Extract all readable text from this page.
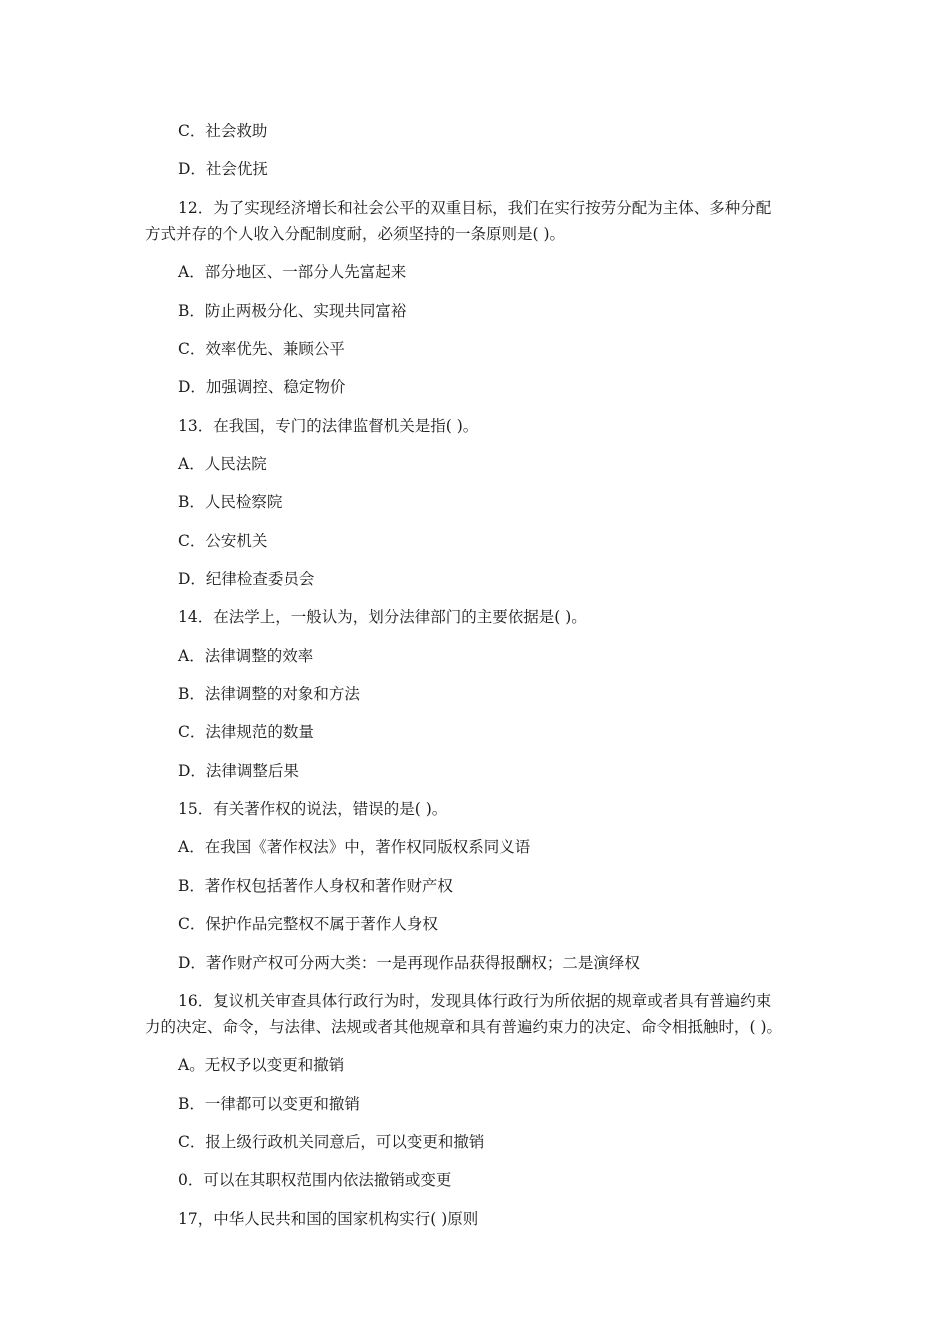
C．社会救助
D．社会优抚
12．为了实现经济增长和社会公平的双重目标，我们在实行按劳分配为主体、多种分配
方式并存的个人收入分配制度耐，必须坚持的一条原则是( )。
A．部分地区、一部分人先富起来
B．防止两极分化、实现共同富裕
C．效率优先、兼顾公平
D．加强调控、稳定物价
13．在我国，专门的法律监督机关是指( )。
A．人民法院
B．人民检察院
C．公安机关
D．纪律检查委员会
14．在法学上，一般认为，划分法律部门的主要依据是( )。
A．法律调整的效率
B．法律调整的对象和方法
C．法律规范的数量
D．法律调整后果
15．有关著作权的说法，错误的是( )。
A．在我国《著作权法》中，著作权同版权系同义语
B．著作权包括著作人身权和著作财产权
C．保护作品完整权不属于著作人身权
D．著作财产权可分两大类：一是再现作品获得报酬权；二是演绎权
16．复议机关审查具体行政行为时，发现具体行政行为所依据的规章或者具有普遍约束
力的决定、命令，与法律、法规或者其他规章和具有普遍约束力的决定、命令相抵触时，( )。
A。无权予以变更和撤销
B．一律都可以变更和撤销
C．报上级行政机关同意后，可以变更和撤销
0．可以在其职权范围内依法撤销或变更
17，中华人民共和国的国家机构实行( )原则
